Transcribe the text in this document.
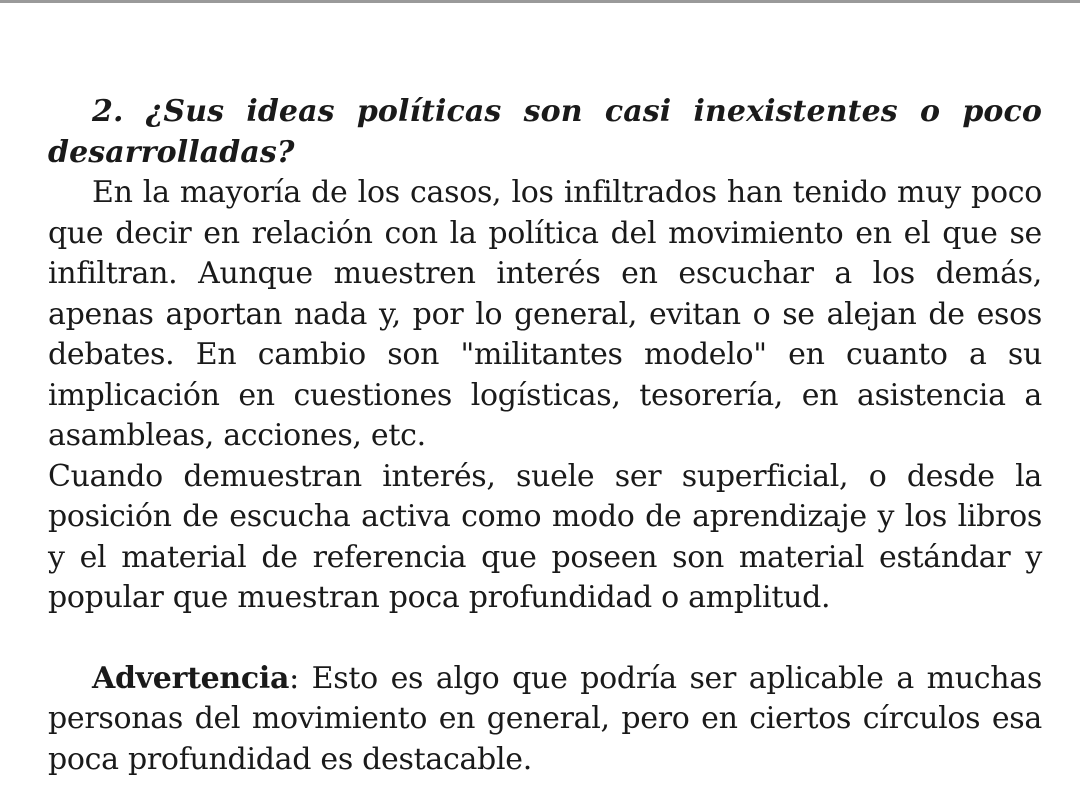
2. ¿Sus ideas políticas son casi inexistentes o poco desarrolladas?

En la mayoría de los casos, los infiltrados han tenido muy poco que decir en relación con la política del movimiento en el que se infiltran. Aunque muestren interés en escuchar a los demás, apenas aportan nada y, por lo general, evitan o se alejan de esos debates. En cambio son "militantes modelo" en cuanto a su implicación en cuestiones logísticas, tesorería, en asistencia a asambleas, acciones, etc.

Cuando demuestran interés, suele ser superficial, o desde la posición de escucha activa como modo de aprendizaje y los libros y el material de referencia que poseen son material estándar y popular que muestran poca profundidad o amplitud.

Advertencia: Esto es algo que podría ser aplicable a muchas personas del movimiento en general, pero en ciertos círculos esa poca profundidad es destacable.
